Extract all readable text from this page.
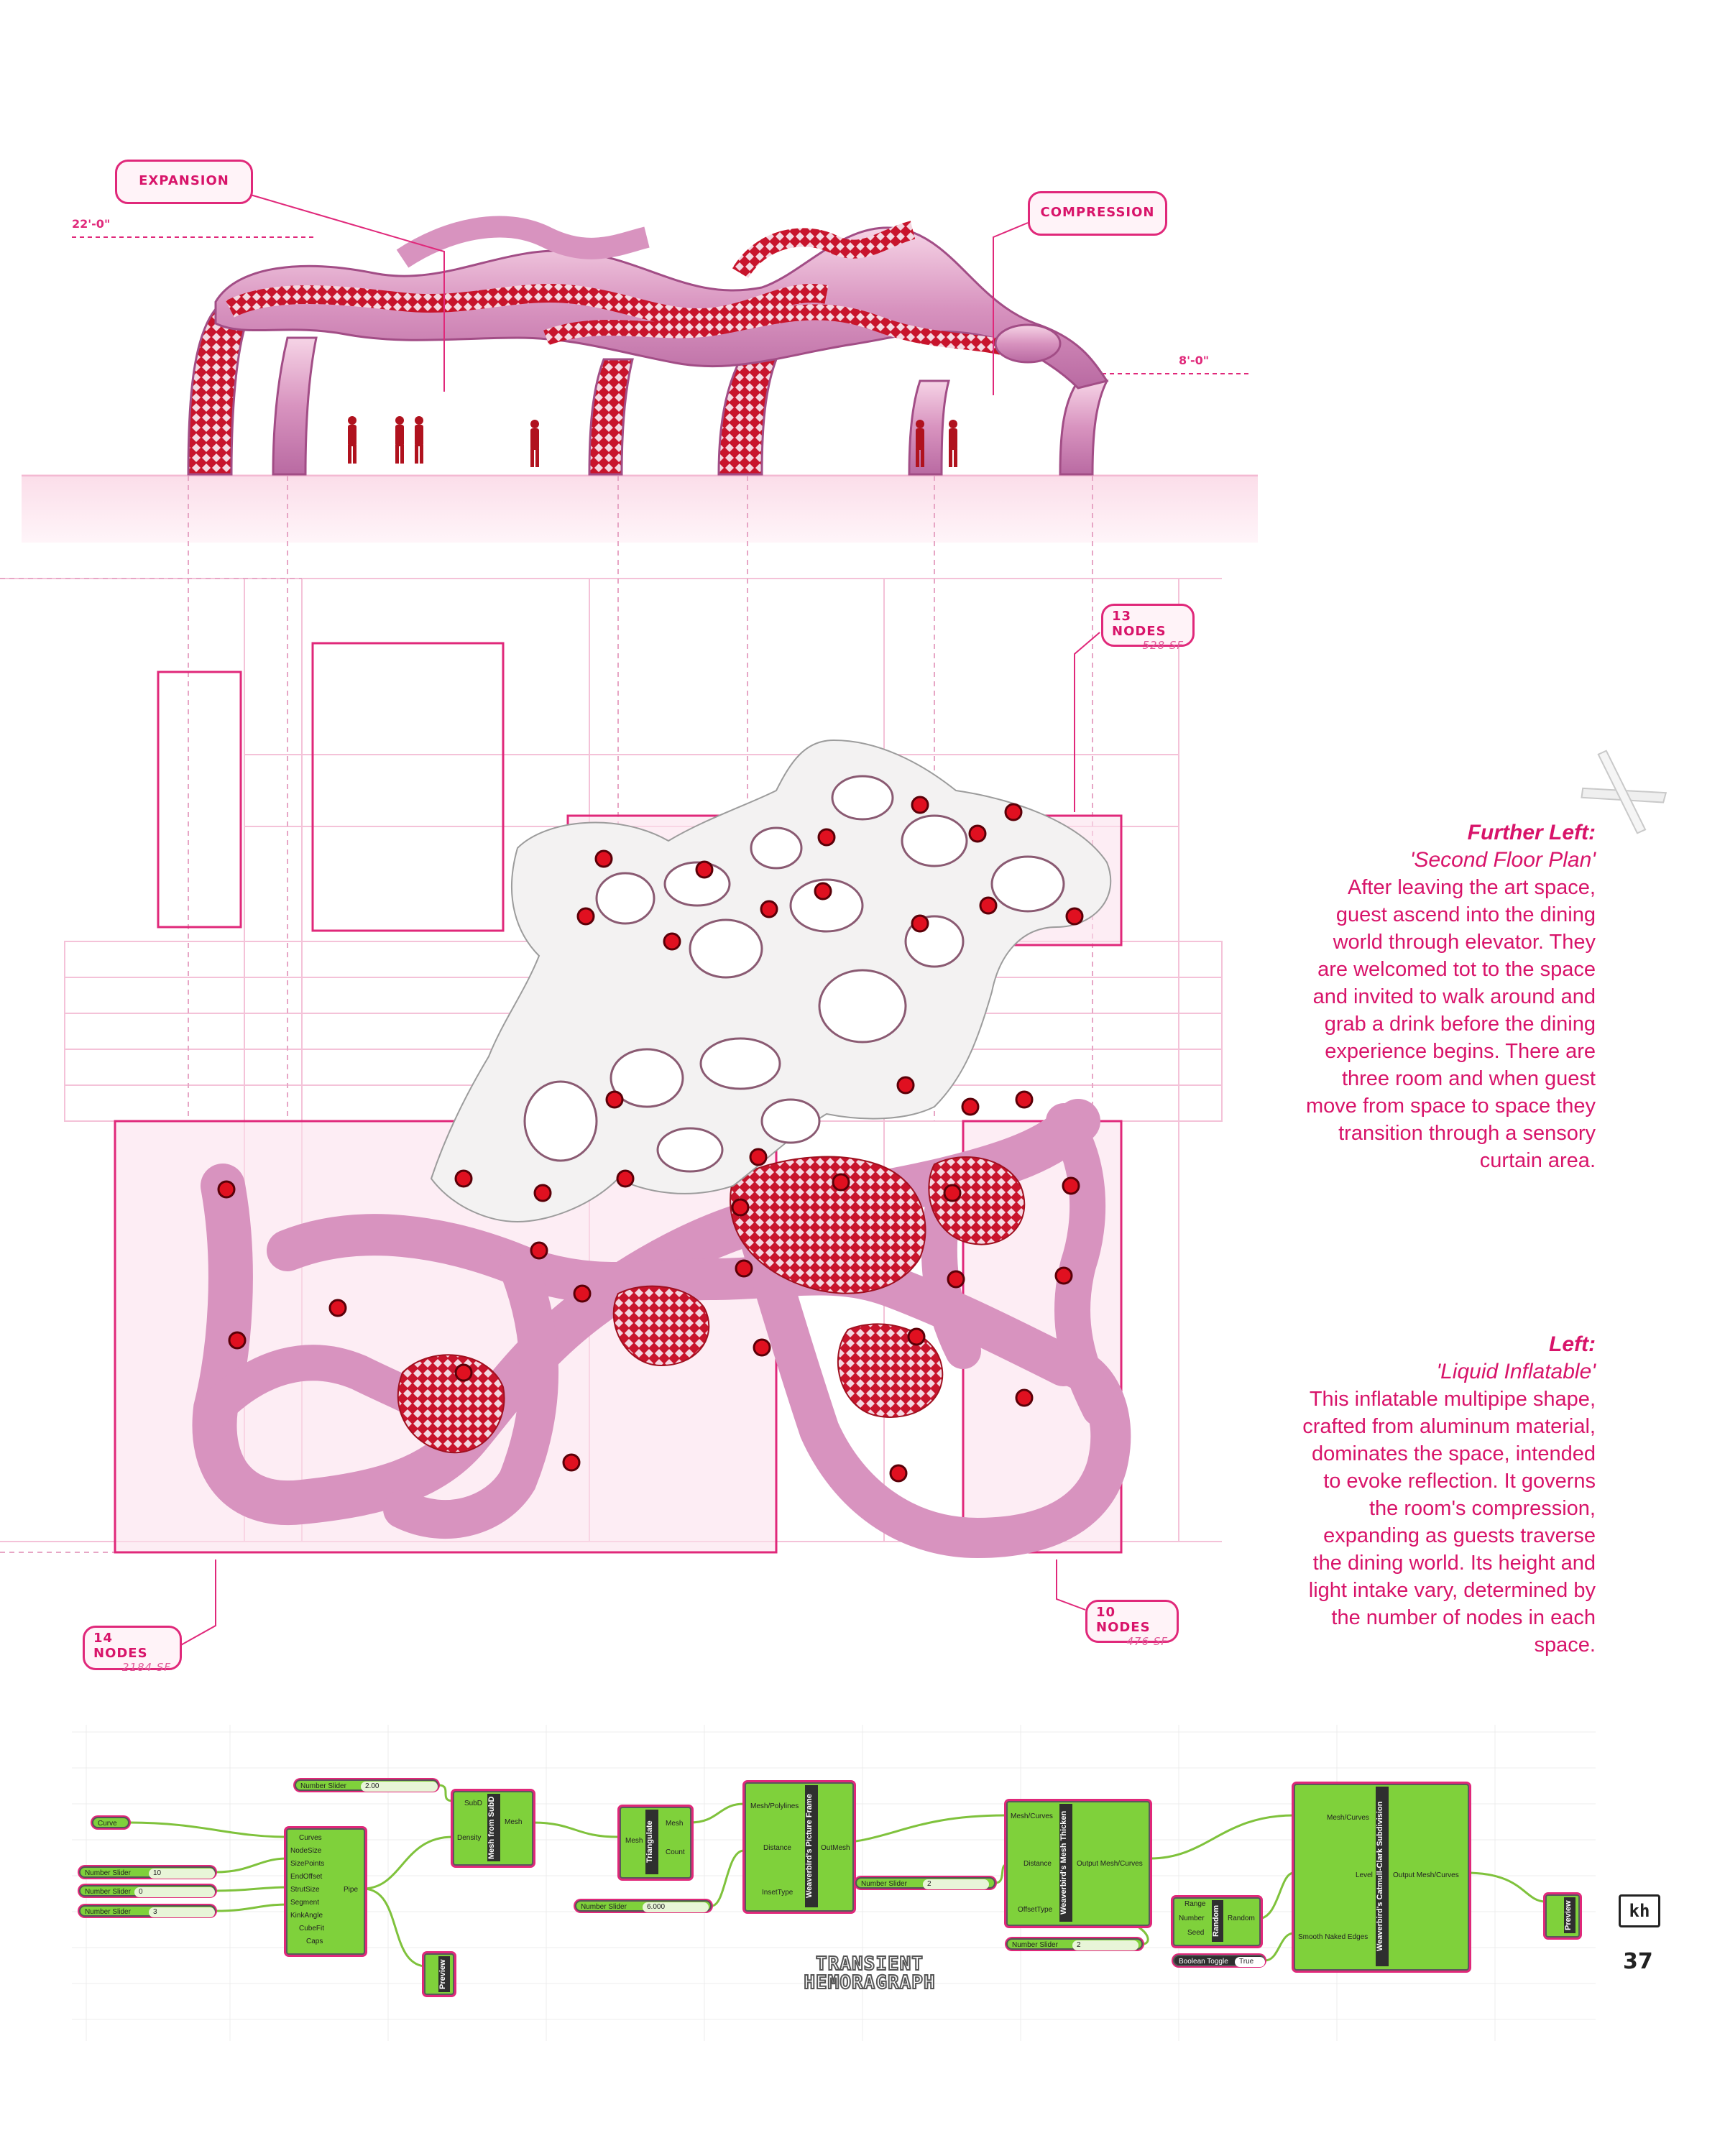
EXPANSION
COMPRESSION
22'-0"
8'-0"
13 NODES
528 SF
14 NODES
2184 SF
10 NODES
476 SF
Further Left:
'Second Floor Plan'
After leaving the art space,
guest ascend into the dining
world through elevator. They
are welcomed tot to the space
and invited to walk around and
grab a drink before the dining
experience begins. There are
three room and when guest
move from space to space they
transition through a sensory
curtain area.
Left:
'Liquid Inflatable'
This inflatable multipipe shape,
crafted from aluminum material,
dominates the space, intended
to evoke reflection. It governs
the room's compression,
expanding as guests traverse
the dining world. Its height and
light intake vary, determined by
the number of nodes in each
space.
Curve
Number Slider	2.00
Number Slider	10
Number Slider	0
Number Slider	3
Curves
NodeSize
SizePoints
EndOffset
StrutSize
Segment
KinkAngle
CubeFit
Caps
Pipe
Preview
SubD
Density Mesh from SubD	Mesh
Mesh Triangulate	Mesh
Count
Number Slider	6.000
Mesh/Polylines
Distance
InsetType Weaverbird's Picture Frame	OutMesh
Number Slider	2
Mesh/Curves
Distance
OffsetType Weaverbird's Mesh Thicken	Output Mesh/Curves
Number Slider	2
Range
Number
Seed Random	Random
Boolean Toggle	True
Mesh/Curves
Level
Smooth Naked Edges Weaverbird's Catmull-Clark Subdivision	Output Mesh/Curves
Preview
TRANSIENT
HEMORAGRAPH
kh
37
